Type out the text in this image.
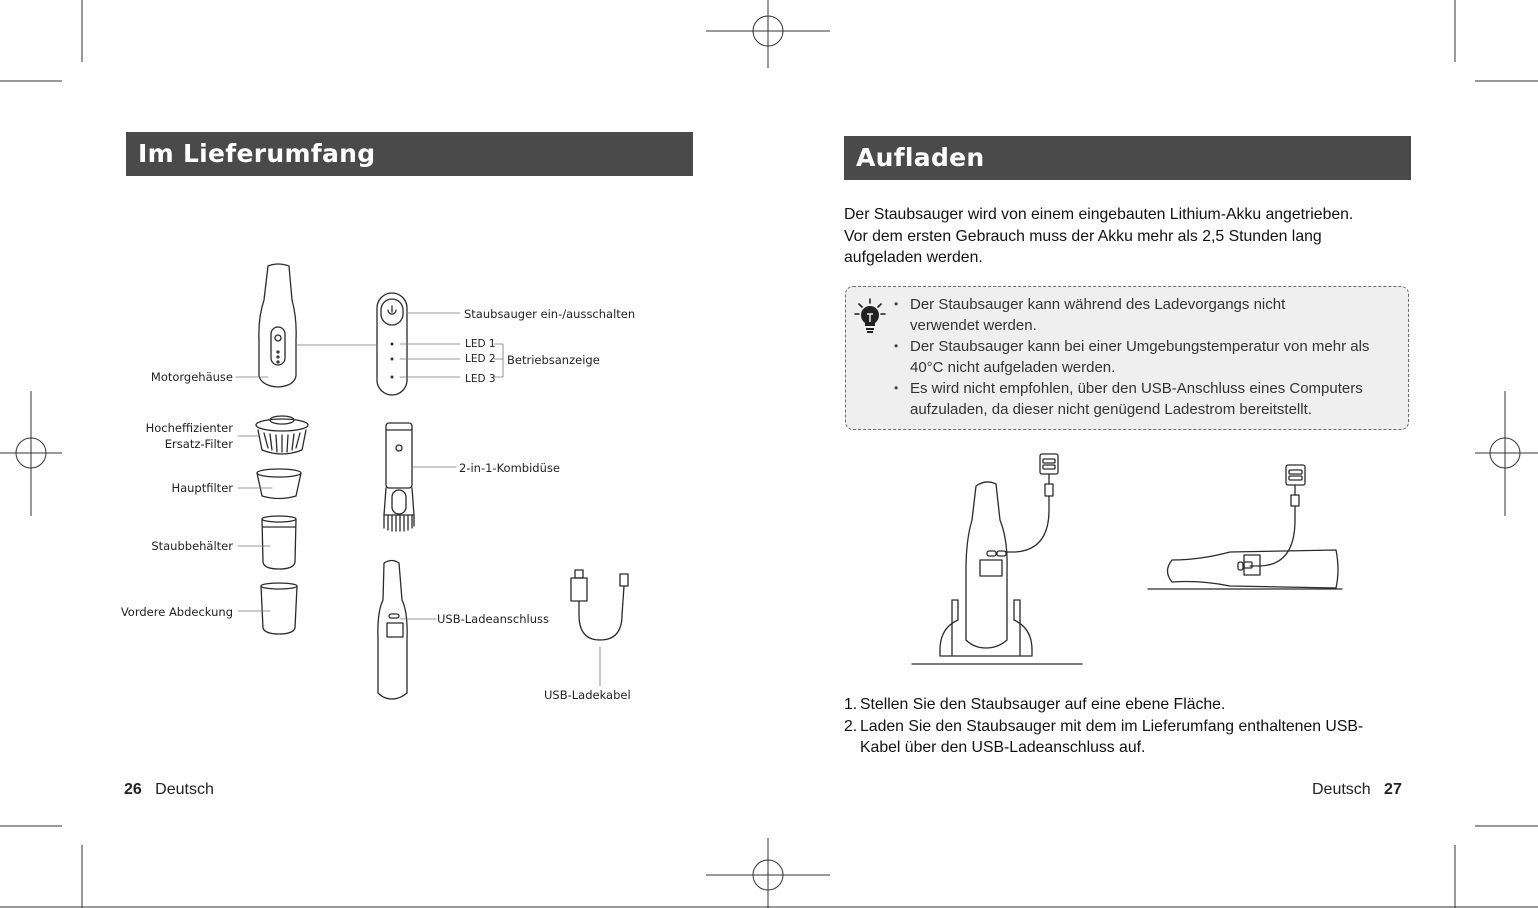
Im Lieferumfang
Motorgehäuse
Hocheffizienter
Ersatz-Filter
Hauptfilter
Staubbehälter
Vordere Abdeckung
Staubsauger ein-/ausschalten
LED 1
LED 2
LED 3
Betriebsanzeige
2-in-1-Kombidüse
USB-Ladeanschluss
USB-Ladekabel
26 Deutsch
Aufladen
Der Staubsauger wird von einem eingebauten Lithium-Akku angetrieben.
Vor dem ersten Gebrauch muss der Akku mehr als 2,5 Stunden lang
aufgeladen werden.
• Der Staubsauger kann während des Ladevorgangs nicht
verwendet werden.
• Der Staubsauger kann bei einer Umgebungstemperatur von mehr als
40°C nicht aufgeladen werden.
• Es wird nicht empfohlen, über den USB-Anschluss eines Computers
aufzuladen, da dieser nicht genügend Ladestrom bereitstellt.
1. Stellen Sie den Staubsauger auf eine ebene Fläche.
2. Laden Sie den Staubsauger mit dem im Lieferumfang enthaltenen USB-
Kabel über den USB-Ladeanschluss auf.
Deutsch 27
